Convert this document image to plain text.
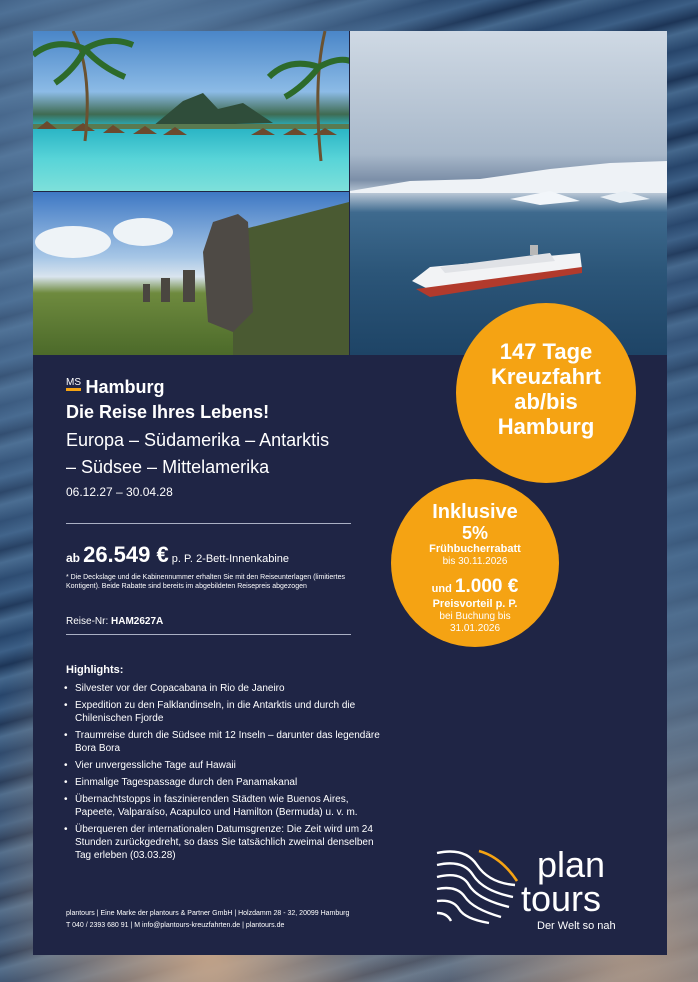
147 Tage
Kreuzfahrt
ab/bis
Hamburg
Inklusive
5%
Frühbucherrabatt
bis 30.11.2026
und 1.000 €
Preisvorteil p. P.
bei Buchung bis
31.01.2026
$^{MS}$ Hamburg
Die Reise Ihres Lebens!
Europa – Südamerika – Antarktis
– Südsee – Mittelamerika
06.12.27 – 30.04.28
ab 26.549 € p. P. 2-Bett-Innenkabine
* Die Deckslage und die Kabinennummer erhalten Sie mit den Reiseunterlagen (limitiertes Kontigent). Beide Rabatte sind bereits im abgebildeten Reisepreis abgezogen
Reise-Nr: HAM2627A
Highlights:
• Silvester vor der Copacabana in Rio de Janeiro
• Expedition zu den Falklandinseln, in die Antarktis und durch die Chilenischen Fjorde
• Traumreise durch die Südsee mit 12 Inseln – darunter das legendäre Bora Bora
• Vier unvergessliche Tage auf Hawaii
• Einmalige Tagespassage durch den Panamakanal
• Übernachtstopps in faszinierenden Städten wie Buenos Aires, Papeete, Valparaíso, Acapulco und Hamilton (Bermuda) u. v. m.
• Überqueren der internationalen Datumsgrenze: Die Zeit wird um 24 Stunden zurückgedreht, so dass Sie tatsächlich zweimal denselben Tag erleben (03.03.28)
plantours | Eine Marke der plantours & Partner GmbH | Holzdamm 28 - 32, 20099 Hamburg
T 040 / 2393 680 91 | M info@plantours-kreuzfahrten.de | plantours.de
plan
tours
Der Welt so nah
